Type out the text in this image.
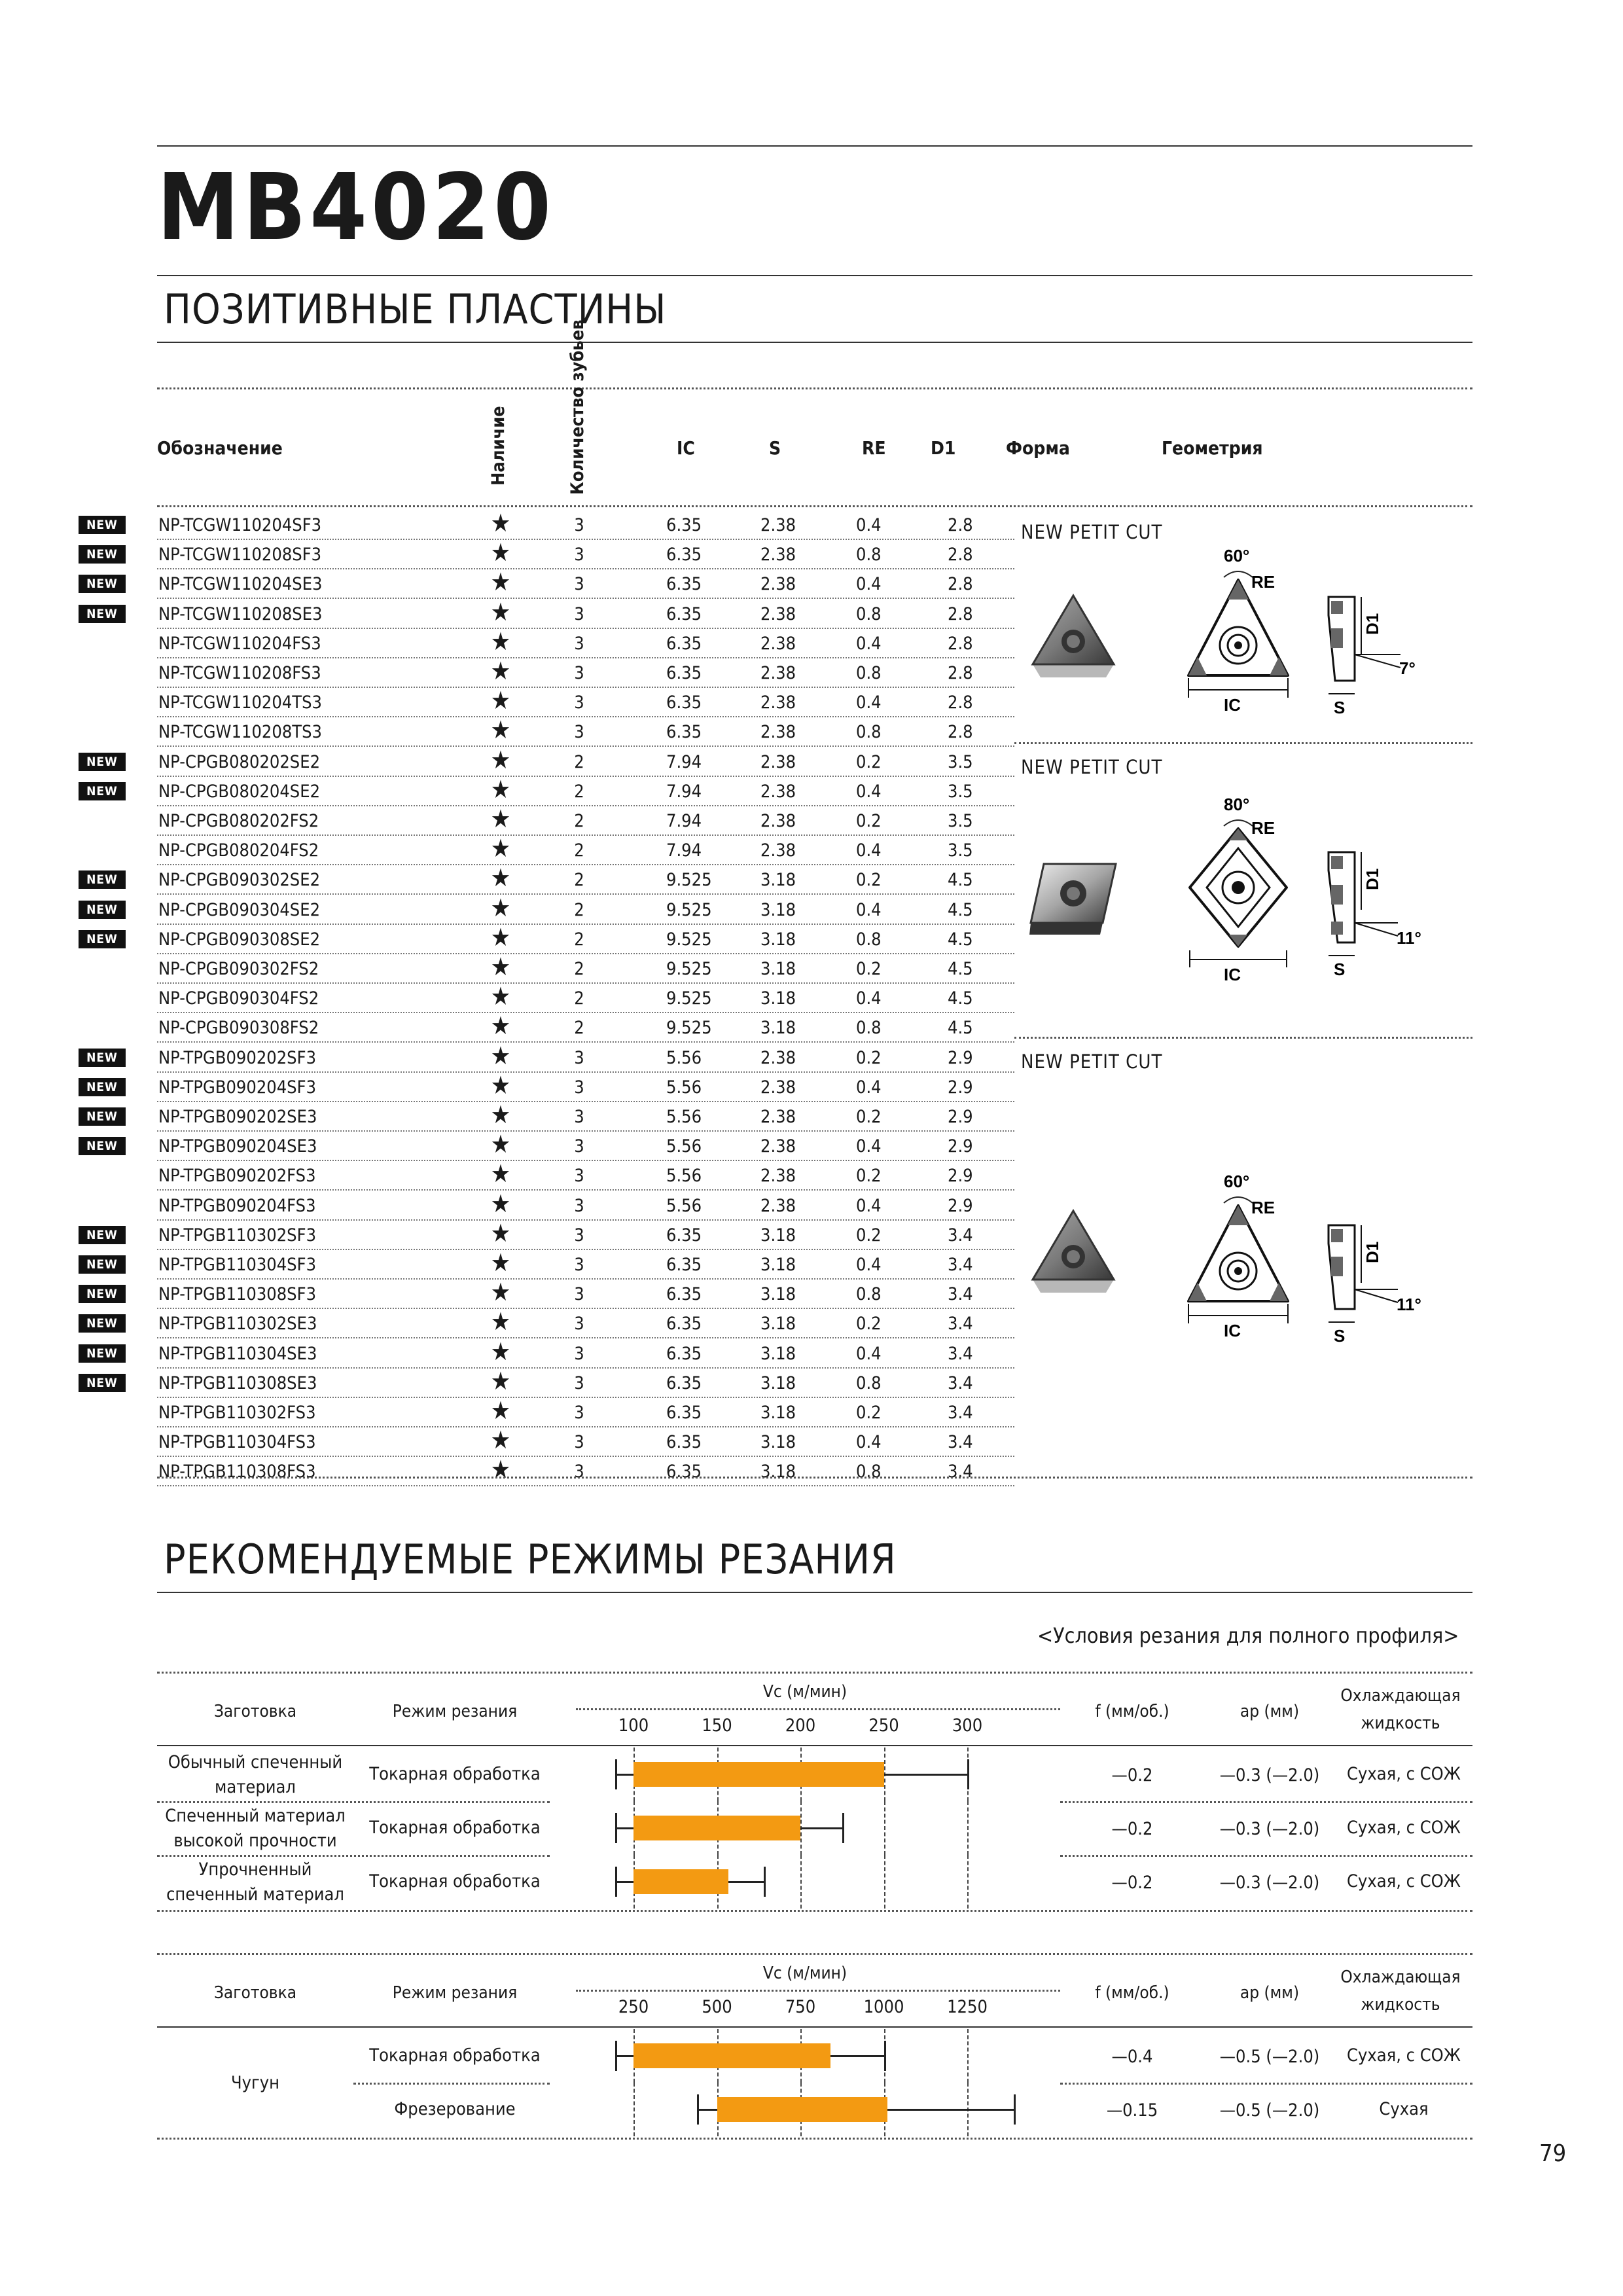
MB4020
ПОЗИТИВНЫЕ ПЛАСТИНЫ
Обозначение	Наличие	Количество зубьев	IC	S	RE D1	Форма	Геометрия
NEW	NP-TCGW110204SF3	★	3	6.35	2.38	0.4	2.8
NEW	NP-TCGW110208SF3	★	3	6.35	2.38	0.8	2.8
NEW	NP-TCGW110204SE3	★	3	6.35	2.38	0.4	2.8
NEW	NP-TCGW110208SE3	★	3	6.35	2.38	0.8	2.8
NP-TCGW110204FS3	★	3	6.35	2.38	0.4	2.8
NP-TCGW110208FS3	★	3	6.35	2.38	0.8	2.8
NP-TCGW110204TS3	★	3	6.35	2.38	0.4	2.8
NP-TCGW110208TS3	★	3	6.35	2.38	0.8	2.8
NEW	NP-CPGB080202SE2	★	2	7.94	2.38	0.2	3.5
NEW	NP-CPGB080204SE2	★	2	7.94	2.38	0.4	3.5
NP-CPGB080202FS2	★	2	7.94	2.38	0.2	3.5
NP-CPGB080204FS2	★	2	7.94	2.38	0.4	3.5
NEW	NP-CPGB090302SE2	★	2	9.525	3.18	0.2	4.5
NEW	NP-CPGB090304SE2	★	2	9.525	3.18	0.4	4.5
NEW	NP-CPGB090308SE2	★	2	9.525	3.18	0.8	4.5
NP-CPGB090302FS2	★	2	9.525	3.18	0.2	4.5
NP-CPGB090304FS2	★	2	9.525	3.18	0.4	4.5
NP-CPGB090308FS2	★	2	9.525	3.18	0.8	4.5
NEW	NP-TPGB090202SF3	★	3	5.56	2.38	0.2	2.9
NEW	NP-TPGB090204SF3	★	3	5.56	2.38	0.4	2.9
NEW	NP-TPGB090202SE3	★	3	5.56	2.38	0.2	2.9
NEW	NP-TPGB090204SE3	★	3	5.56	2.38	0.4	2.9
NP-TPGB090202FS3	★	3	5.56	2.38	0.2	2.9
NP-TPGB090204FS3	★	3	5.56	2.38	0.4	2.9
NEW	NP-TPGB110302SF3	★	3	6.35	3.18	0.2	3.4
NEW	NP-TPGB110304SF3	★	3	6.35	3.18	0.4	3.4
NEW	NP-TPGB110308SF3	★	3	6.35	3.18	0.8	3.4
NEW	NP-TPGB110302SE3	★	3	6.35	3.18	0.2	3.4
NEW	NP-TPGB110304SE3	★	3	6.35	3.18	0.4	3.4
NEW	NP-TPGB110308SE3	★	3	6.35	3.18	0.8	3.4
NP-TPGB110302FS3	★	3	6.35	3.18	0.2	3.4
NP-TPGB110304FS3	★	3	6.35	3.18	0.4	3.4
NP-TPGB110308FS3	★	3	6.35	3.18	0.8	3.4
NEW PETIT CUT
NEW PETIT CUT
NEW PETIT CUT
60°
RE
IC
D1
7°
S
80°
RE
IC
D1
11°
S
60°
RE
IC
D1
11°
S
РЕКОМЕНДУЕМЫЕ РЕЖИМЫ РЕЗАНИЯ
<Условия резания для полного профиля>
Заготовка	Режим резания
Vc (м/мин)
f (мм/об.)	ap (мм)
Охлаждающая
жидкость
100	150	200	250	300
Обычный спеченный
материал
Токарная обработка	—0.2	—0.3 (—2.0)	Сухая, с СОЖ
Спеченный материал
высокой прочности
Токарная обработка	—0.2	—0.3 (—2.0)	Сухая, с СОЖ
Упрочненный
спеченный материал
Токарная обработка	—0.2	—0.3 (—2.0)	Сухая, с СОЖ
Заготовка	Режим резания
Vc (м/мин)
f (мм/об.)	ap (мм)
Охлаждающая
жидкость
250	500	750	1000	1250
Чугун
Токарная обработка	—0.4	—0.5 (—2.0)	Сухая, с СОЖ
Фрезерование	—0.15	—0.5 (—2.0)	Сухая
79
